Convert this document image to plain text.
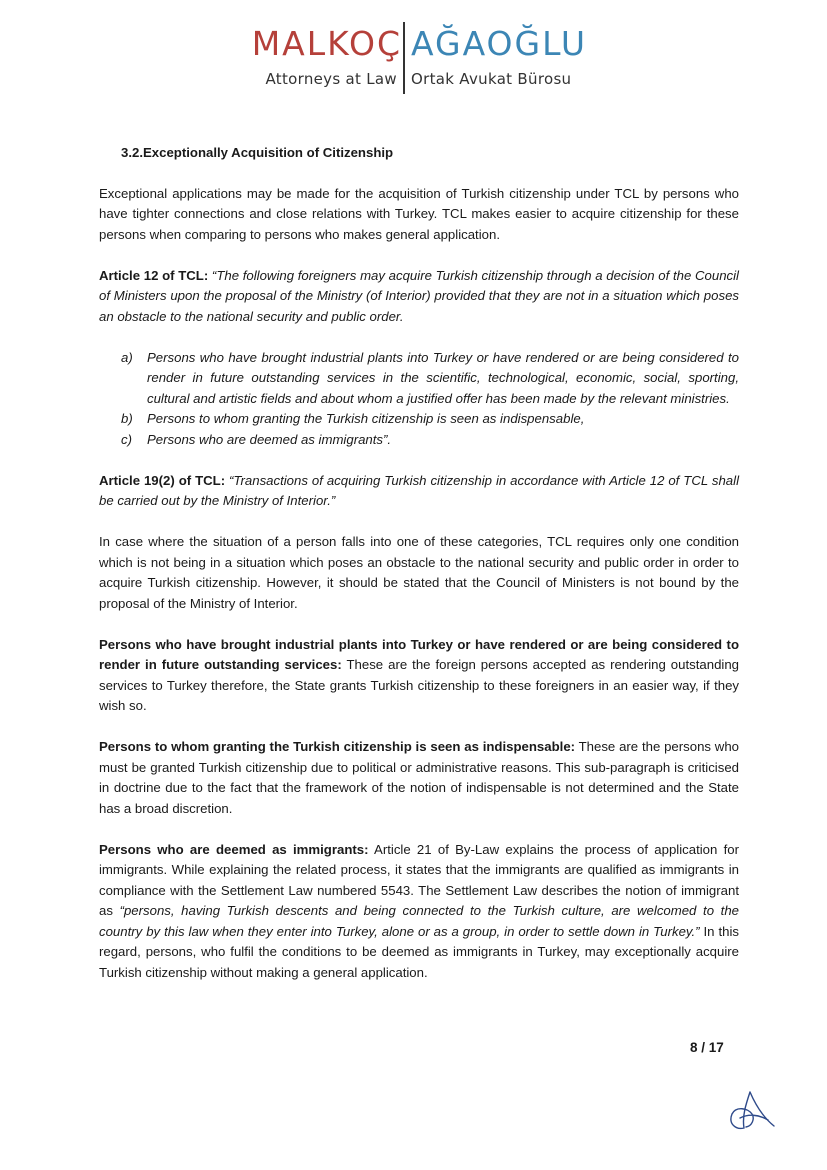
MALKOÇ AĞAOĞLU
Attorneys at Law Ortak Avukat Bürosu
3.2.Exceptionally Acquisition of Citizenship

Exceptional applications may be made for the acquisition of Turkish citizenship under TCL by persons who have tighter connections and close relations with Turkey. TCL makes easier to acquire citizenship for these persons when comparing to persons who makes general application.

Article 12 of TCL: “The following foreigners may acquire Turkish citizenship through a decision of the Council of Ministers upon the proposal of the Ministry (of Interior) provided that they are not in a situation which poses an obstacle to the national security and public order.

a) Persons who have brought industrial plants into Turkey or have rendered or are being considered to render in future outstanding services in the scientific, technological, economic, social, sporting, cultural and artistic fields and about whom a justified offer has been made by the relevant ministries.
b) Persons to whom granting the Turkish citizenship is seen as indispensable,
c) Persons who are deemed as immigrants”.

Article 19(2) of TCL: “Transactions of acquiring Turkish citizenship in accordance with Article 12 of TCL shall be carried out by the Ministry of Interior.”

In case where the situation of a person falls into one of these categories, TCL requires only one condition which is not being in a situation which poses an obstacle to the national security and public order in order to acquire Turkish citizenship. However, it should be stated that the Council of Ministers is not bound by the proposal of the Ministry of Interior.

Persons who have brought industrial plants into Turkey or have rendered or are being considered to render in future outstanding services: These are the foreign persons accepted as rendering outstanding services to Turkey therefore, the State grants Turkish citizenship to these foreigners in an easier way, if they wish so.

Persons to whom granting the Turkish citizenship is seen as indispensable: These are the persons who must be granted Turkish citizenship due to political or administrative reasons. This sub-paragraph is criticised in doctrine due to the fact that the framework of the notion of indispensable is not determined and the State has a broad discretion.

Persons who are deemed as immigrants: Article 21 of By-Law explains the process of application for immigrants. While explaining the related process, it states that the immigrants are qualified as immigrants in compliance with the Settlement Law numbered 5543. The Settlement Law describes the notion of immigrant as “persons, having Turkish descents and being connected to the Turkish culture, are welcomed to the country by this law when they enter into Turkey, alone or as a group, in order to settle down in Turkey.” In this regard, persons, who fulfil the conditions to be deemed as immigrants in Turkey, may exceptionally acquire Turkish citizenship without making a general application.

8 / 17
